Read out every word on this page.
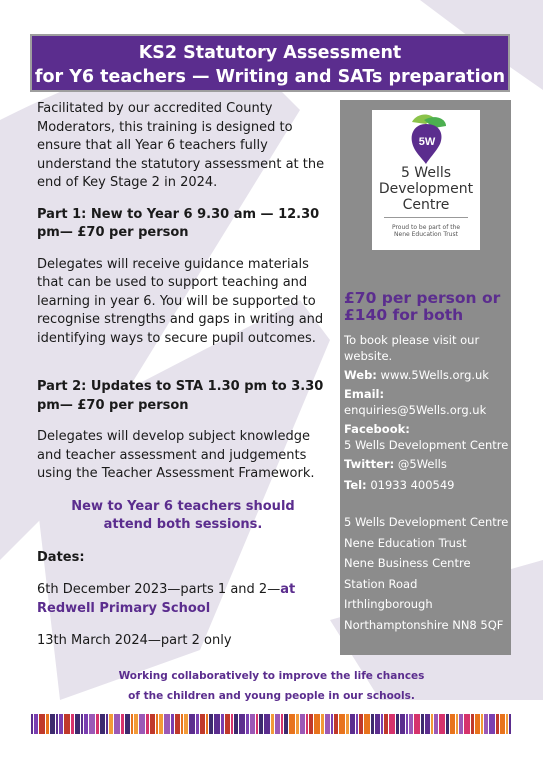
KS2 Statutory Assessment
for Y6 teachers — Writing and SATs preparation

Facilitated by our accredited County Moderators, this training is designed to ensure that all Year 6 teachers fully understand the statutory assessment at the end of Key Stage 2 in 2024.

Part 1: New to Year 6 9.30 am — 12.30 pm— £70 per person

Delegates will receive guidance materials that can be used to support teaching and learning in year 6. You will be supported to recognise strengths and gaps in writing and identifying ways to secure pupil outcomes.

Part 2: Updates to STA 1.30 pm to 3.30 pm— £70 per person

Delegates will develop subject knowledge and teacher assessment and judgements using the Teacher Assessment Framework.

New to Year 6 teachers should attend both sessions.

Dates:

6th December 2023—parts 1 and 2—at Redwell Primary School

13th March 2024—part 2 only

5W
5 Wells
Development
Centre
Proud to be part of the
Nene Education Trust
£70 per person or
£140 for both
To book please visit our website.
Web: www.5Wells.org.uk
Email:
enquiries@5Wells.org.uk
Facebook:
5 Wells Development Centre
Twitter: @5Wells
Tel: 01933 400549
5 Wells Development Centre
Nene Education Trust
Nene Business Centre
Station Road
Irthlingborough
Northamptonshire NN8 5QF
Working collaboratively to improve the life chances
of the children and young people in our schools.
